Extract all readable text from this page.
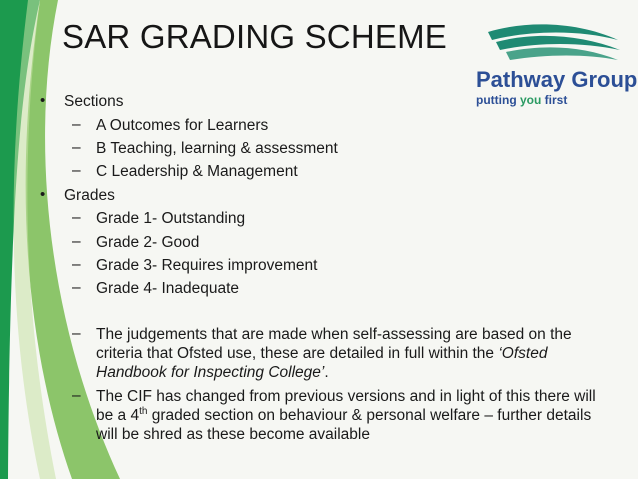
SAR GRADING SCHEME
Pathway Group
putting you first
• Sections
– A Outcomes for Learners
– B Teaching, learning & assessment
– C Leadership & Management
• Grades
– Grade 1- Outstanding
– Grade 2- Good
– Grade 3- Requires improvement
– Grade 4- Inadequate
– The judgements that are made when self-assessing are based on the criteria that Ofsted use, these are detailed in full within the ‘Ofsted Handbook for Inspecting College’.
– The CIF has changed from previous versions and in light of this there will be a 4th graded section on behaviour & personal welfare – further details will be shred as these become available
